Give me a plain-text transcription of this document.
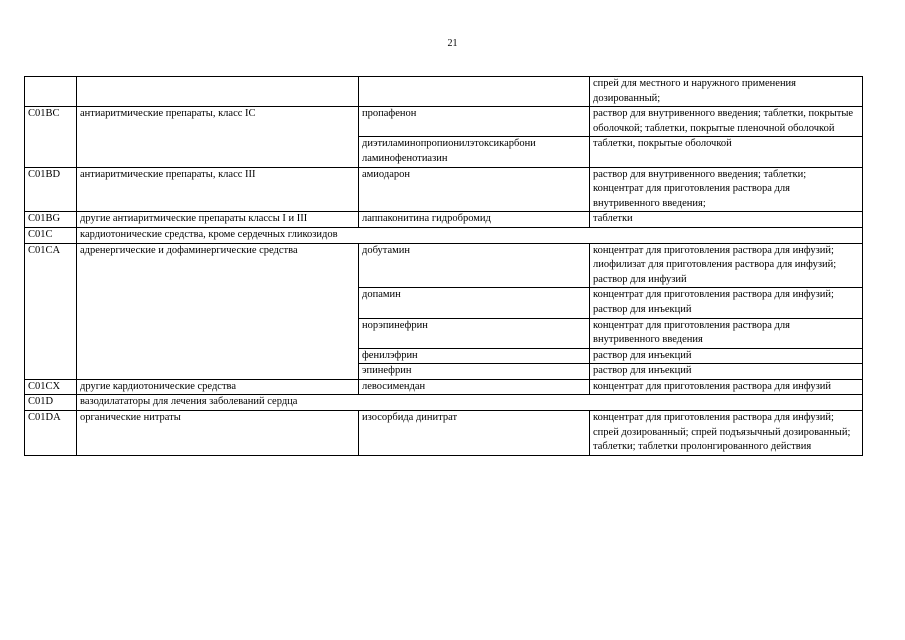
21
			спрей для местного и наружного применения дозированный;
C01BC	антиаритмические препараты, класс IC	пропафенон	раствор для внутривенного введения; таблетки, покрытые оболочкой; таблетки, покрытые пленочной оболочкой
		диэтиламинопропионилэтоксикарбони ламинофенотиазин	таблетки, покрытые оболочкой
C01BD	антиаритмические препараты, класс III	амиодарон	раствор для внутривенного введения; таблетки; концентрат для приготовления раствора для внутривенного введения;
C01BG	другие антиаритмические препараты классы I и III	лаппаконитина гидробромид	таблетки
C01C	кардиотонические средства, кроме сердечных гликозидов		
C01CA	адренергические и дофаминергические средства	добутамин	концентрат для приготовления раствора для инфузий; лиофилизат для приготовления раствора для инфузий; раствор для инфузий
		допамин	концентрат для приготовления раствора для инфузий; раствор для инъекций
		норэпинефрин	концентрат для приготовления раствора для внутривенного введения
		фенилэфрин	раствор для инъекций
		эпинефрин	раствор для инъекций
C01CX	другие кардиотонические средства	левосимендан	концентрат для приготовления раствора для инфузий
C01D	вазодилататоры для лечения заболеваний сердца		
C01DA	органические нитраты	изосорбида динитрат	концентрат для приготовления раствора для инфузий; спрей дозированный; спрей подъязычный дозированный; таблетки; таблетки пролонгированного действия
